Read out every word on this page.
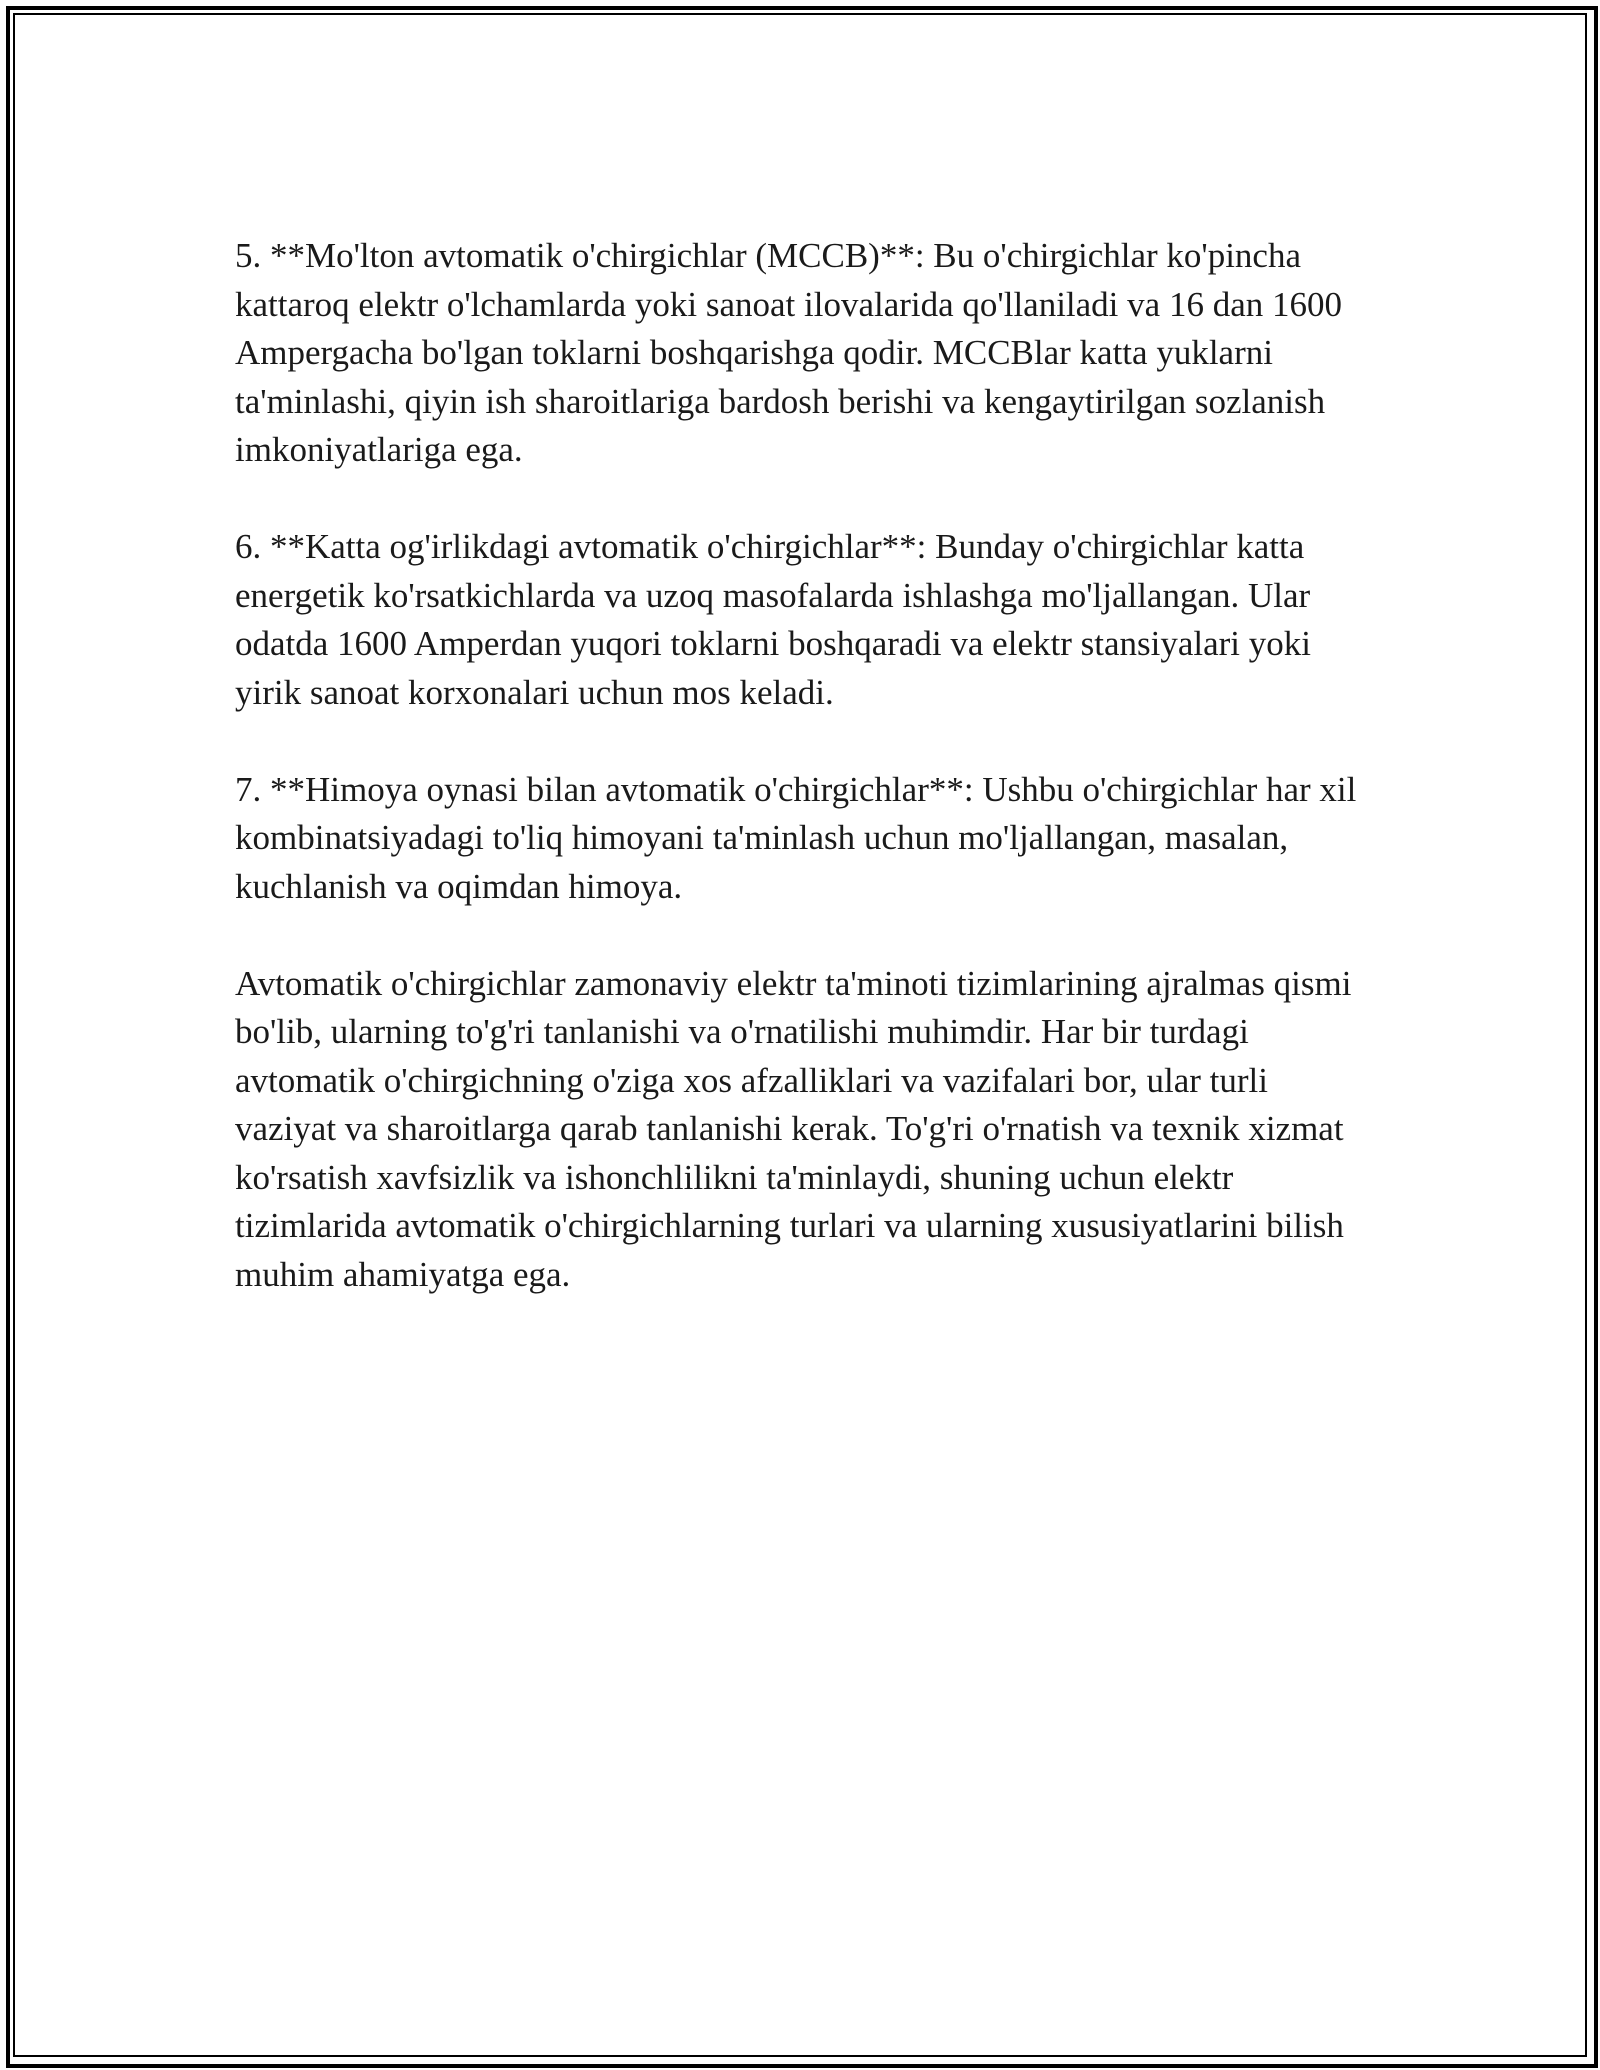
5. **Mo'lton avtomatik o'chirgichlar (MCCB)**: Bu o'chirgichlar ko'pincha kattaroq elektr o'lchamlarda yoki sanoat ilovalarida qo'llaniladi va 16 dan 1600 Ampergacha bo'lgan toklarni boshqarishga qodir. MCCBlar katta yuklarni ta'minlashi, qiyin ish sharoitlariga bardosh berishi va kengaytirilgan sozlanish imkoniyatlariga ega.

6. **Katta og'irlikdagi avtomatik o'chirgichlar**: Bunday o'chirgichlar katta energetik ko'rsatkichlarda va uzoq masofalarda ishlashga mo'ljallangan. Ular odatda 1600 Amperdan yuqori toklarni boshqaradi va elektr stansiyalari yoki yirik sanoat korxonalari uchun mos keladi.

7. **Himoya oynasi bilan avtomatik o'chirgichlar**: Ushbu o'chirgichlar har xil kombinatsiyadagi to'liq himoyani ta'minlash uchun mo'ljallangan, masalan, kuchlanish va oqimdan himoya.

Avtomatik o'chirgichlar zamonaviy elektr ta'minoti tizimlarining ajralmas qismi bo'lib, ularning to'g'ri tanlanishi va o'rnatilishi muhimdir. Har bir turdagi avtomatik o'chirgichning o'ziga xos afzalliklari va vazifalari bor, ular turli vaziyat va sharoitlarga qarab tanlanishi kerak. To'g'ri o'rnatish va texnik xizmat ko'rsatish xavfsizlik va ishonchlilikni ta'minlaydi, shuning uchun elektr tizimlarida avtomatik o'chirgichlarning turlari va ularning xususiyatlarini bilish muhim ahamiyatga ega.
